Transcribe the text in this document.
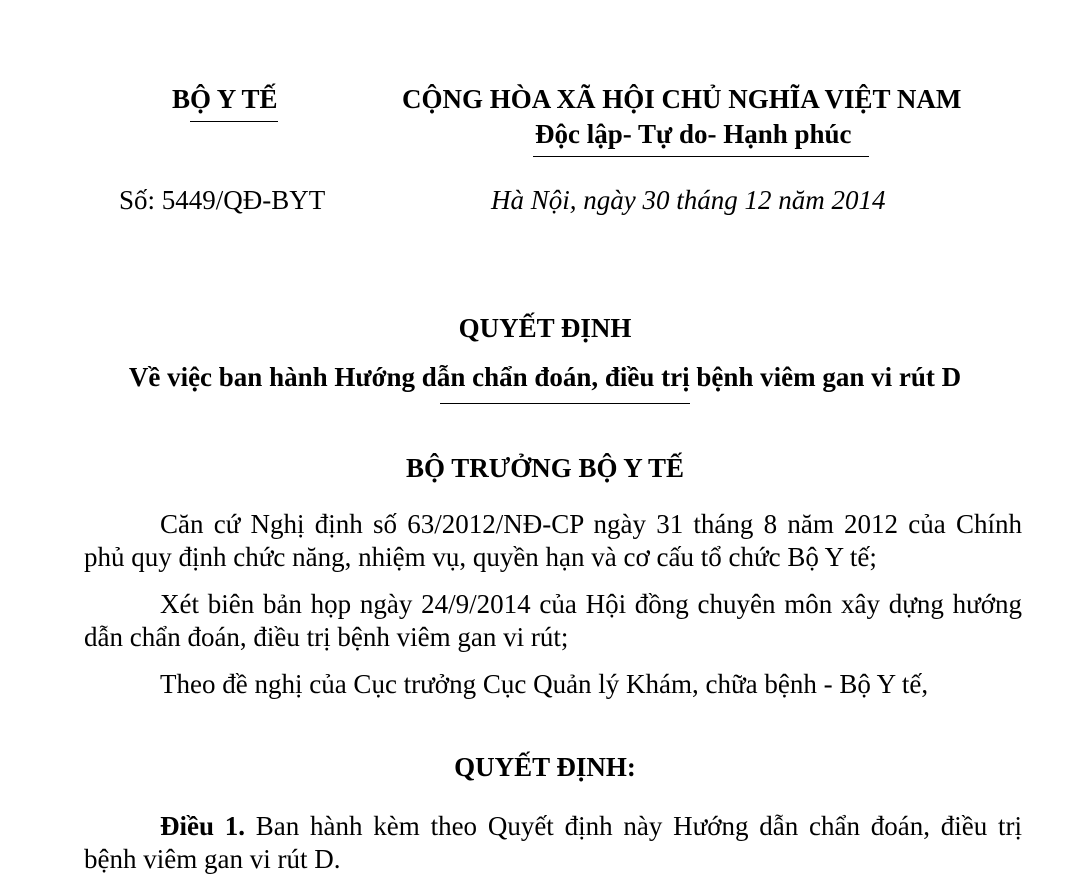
BỘ Y TẾ	CỘNG HÒA XÃ HỘI CHỦ NGHĨA VIỆT NAM
Độc lập- Tự do- Hạnh phúc
Số: 5449/QĐ-BYT	Hà Nội, ngày 30 tháng 12 năm 2014
QUYẾT ĐỊNH
Về việc ban hành Hướng dẫn chẩn đoán, điều trị bệnh viêm gan vi rút D
BỘ TRƯỞNG BỘ Y TẾ
Căn cứ Nghị định số 63/2012/NĐ-CP ngày 31 tháng 8 năm 2012 của Chính phủ quy định chức năng, nhiệm vụ, quyền hạn và cơ cấu tổ chức Bộ Y tế;
Xét biên bản họp ngày 24/9/2014 của Hội đồng chuyên môn xây dựng hướng dẫn chẩn đoán, điều trị bệnh viêm gan vi rút;
Theo đề nghị của Cục trưởng Cục Quản lý Khám, chữa bệnh - Bộ Y tế,
QUYẾT ĐỊNH:
Điều 1. Ban hành kèm theo Quyết định này Hướng dẫn chẩn đoán, điều trị bệnh viêm gan vi rút D.
